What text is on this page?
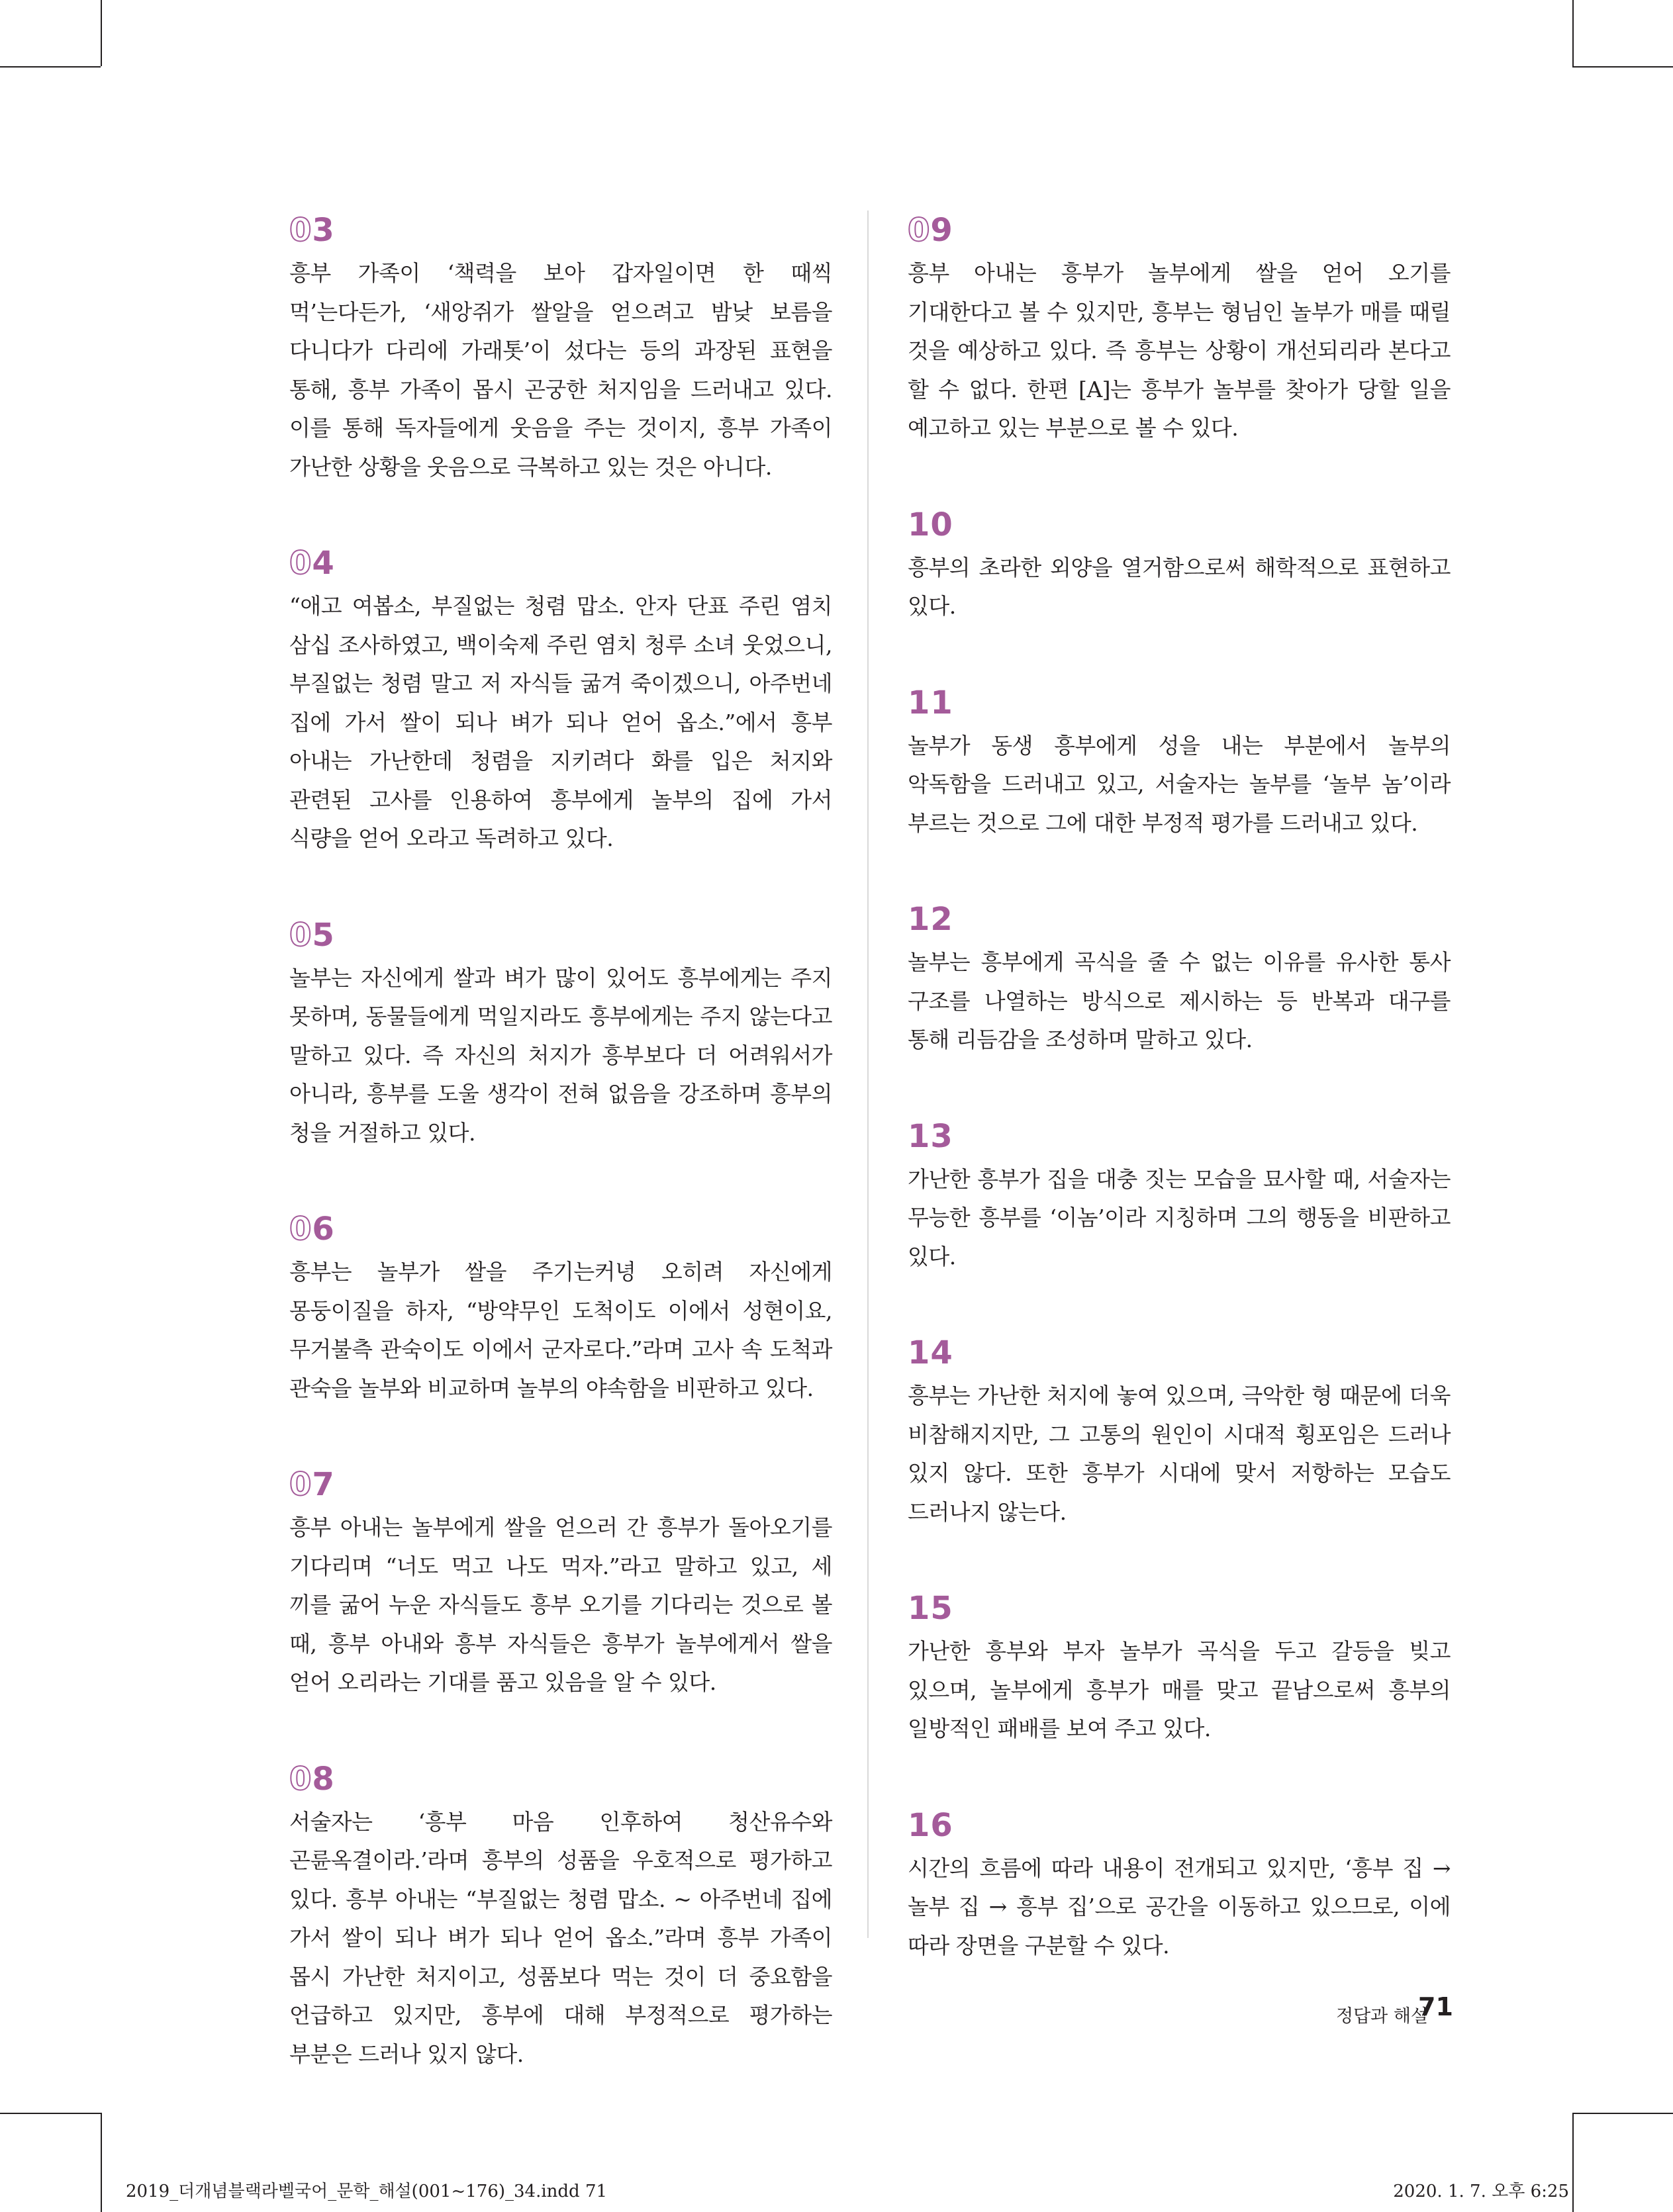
03
흥부 가족이 ‘책력을 보아 갑자일이면 한 때씩 먹’는다든가, ‘새앙쥐가 쌀알을 얻으려고 밤낮 보름을 다니다가 다리에 가래톳’이 섰다는 등의 과장된 표현을 통해, 흥부 가족이 몹시 곤궁한 처지임을 드러내고 있다. 이를 통해 독자들에게 웃음을 주는 것이지, 흥부 가족이 가난한 상황을 웃음으로 극복하고 있는 것은 아니다.
04
“애고 여봅소, 부질없는 청렴 맙소. 안자 단표 주린 염치 삼십 조사하였고, 백이숙제 주린 염치 청루 소녀 웃었으니, 부질없는 청렴 말고 저 자식들 굶겨 죽이겠으니, 아주번네 집에 가서 쌀이 되나 벼가 되나 얻어 옵소.”에서 흥부 아내는 가난한데 청렴을 지키려다 화를 입은 처지와 관련된 고사를 인용하여 흥부에게 놀부의 집에 가서 식량을 얻어 오라고 독려하고 있다.
05
놀부는 자신에게 쌀과 벼가 많이 있어도 흥부에게는 주지 못하며, 동물들에게 먹일지라도 흥부에게는 주지 않는다고 말하고 있다. 즉 자신의 처지가 흥부보다 더 어려워서가 아니라, 흥부를 도울 생각이 전혀 없음을 강조하며 흥부의 청을 거절하고 있다.
06
흥부는 놀부가 쌀을 주기는커녕 오히려 자신에게 몽둥이질을 하자, “방약무인 도척이도 이에서 성현이요, 무거불측 관숙이도 이에서 군자로다.”라며 고사 속 도척과 관숙을 놀부와 비교하며 놀부의 야속함을 비판하고 있다.
07
흥부 아내는 놀부에게 쌀을 얻으러 간 흥부가 돌아오기를 기다리며 “너도 먹고 나도 먹자.”라고 말하고 있고, 세 끼를 굶어 누운 자식들도 흥부 오기를 기다리는 것으로 볼 때, 흥부 아내와 흥부 자식들은 흥부가 놀부에게서 쌀을 얻어 오리라는 기대를 품고 있음을 알 수 있다.
08
서술자는 ‘흥부 마음 인후하여 청산유수와 곤륜옥결이라.’라며 흥부의 성품을 우호적으로 평가하고 있다. 흥부 아내는 “부질없는 청렴 맙소. ~ 아주번네 집에 가서 쌀이 되나 벼가 되나 얻어 옵소.”라며 흥부 가족이 몹시 가난한 처지이고, 성품보다 먹는 것이 더 중요함을 언급하고 있지만, 흥부에 대해 부정적으로 평가하는 부분은 드러나 있지 않다.
09
흥부 아내는 흥부가 놀부에게 쌀을 얻어 오기를 기대한다고 볼 수 있지만, 흥부는 형님인 놀부가 매를 때릴 것을 예상하고 있다. 즉 흥부는 상황이 개선되리라 본다고 할 수 없다. 한편 [A]는 흥부가 놀부를 찾아가 당할 일을 예고하고 있는 부분으로 볼 수 있다.
10
흥부의 초라한 외양을 열거함으로써 해학적으로 표현하고 있다.
11
놀부가 동생 흥부에게 성을 내는 부분에서 놀부의 악독함을 드러내고 있고, 서술자는 놀부를 ‘놀부 놈’이라 부르는 것으로 그에 대한 부정적 평가를 드러내고 있다.
12
놀부는 흥부에게 곡식을 줄 수 없는 이유를 유사한 통사 구조를 나열하는 방식으로 제시하는 등 반복과 대구를 통해 리듬감을 조성하며 말하고 있다.
13
가난한 흥부가 집을 대충 짓는 모습을 묘사할 때, 서술자는 무능한 흥부를 ‘이놈’이라 지칭하며 그의 행동을 비판하고 있다.
14
흥부는 가난한 처지에 놓여 있으며, 극악한 형 때문에 더욱 비참해지지만, 그 고통의 원인이 시대적 횡포임은 드러나 있지 않다. 또한 흥부가 시대에 맞서 저항하는 모습도 드러나지 않는다.
15
가난한 흥부와 부자 놀부가 곡식을 두고 갈등을 빚고 있으며, 놀부에게 흥부가 매를 맞고 끝남으로써 흥부의 일방적인 패배를 보여 주고 있다.
16
시간의 흐름에 따라 내용이 전개되고 있지만, ‘흥부 집 → 놀부 집 → 흥부 집’으로 공간을 이동하고 있으므로, 이에 따라 장면을 구분할 수 있다.
정답과 해설
71
2019_더개념블랙라벨국어_문학_해설(001~176)_34.indd 71	2020. 1. 7. 오후 6:25
